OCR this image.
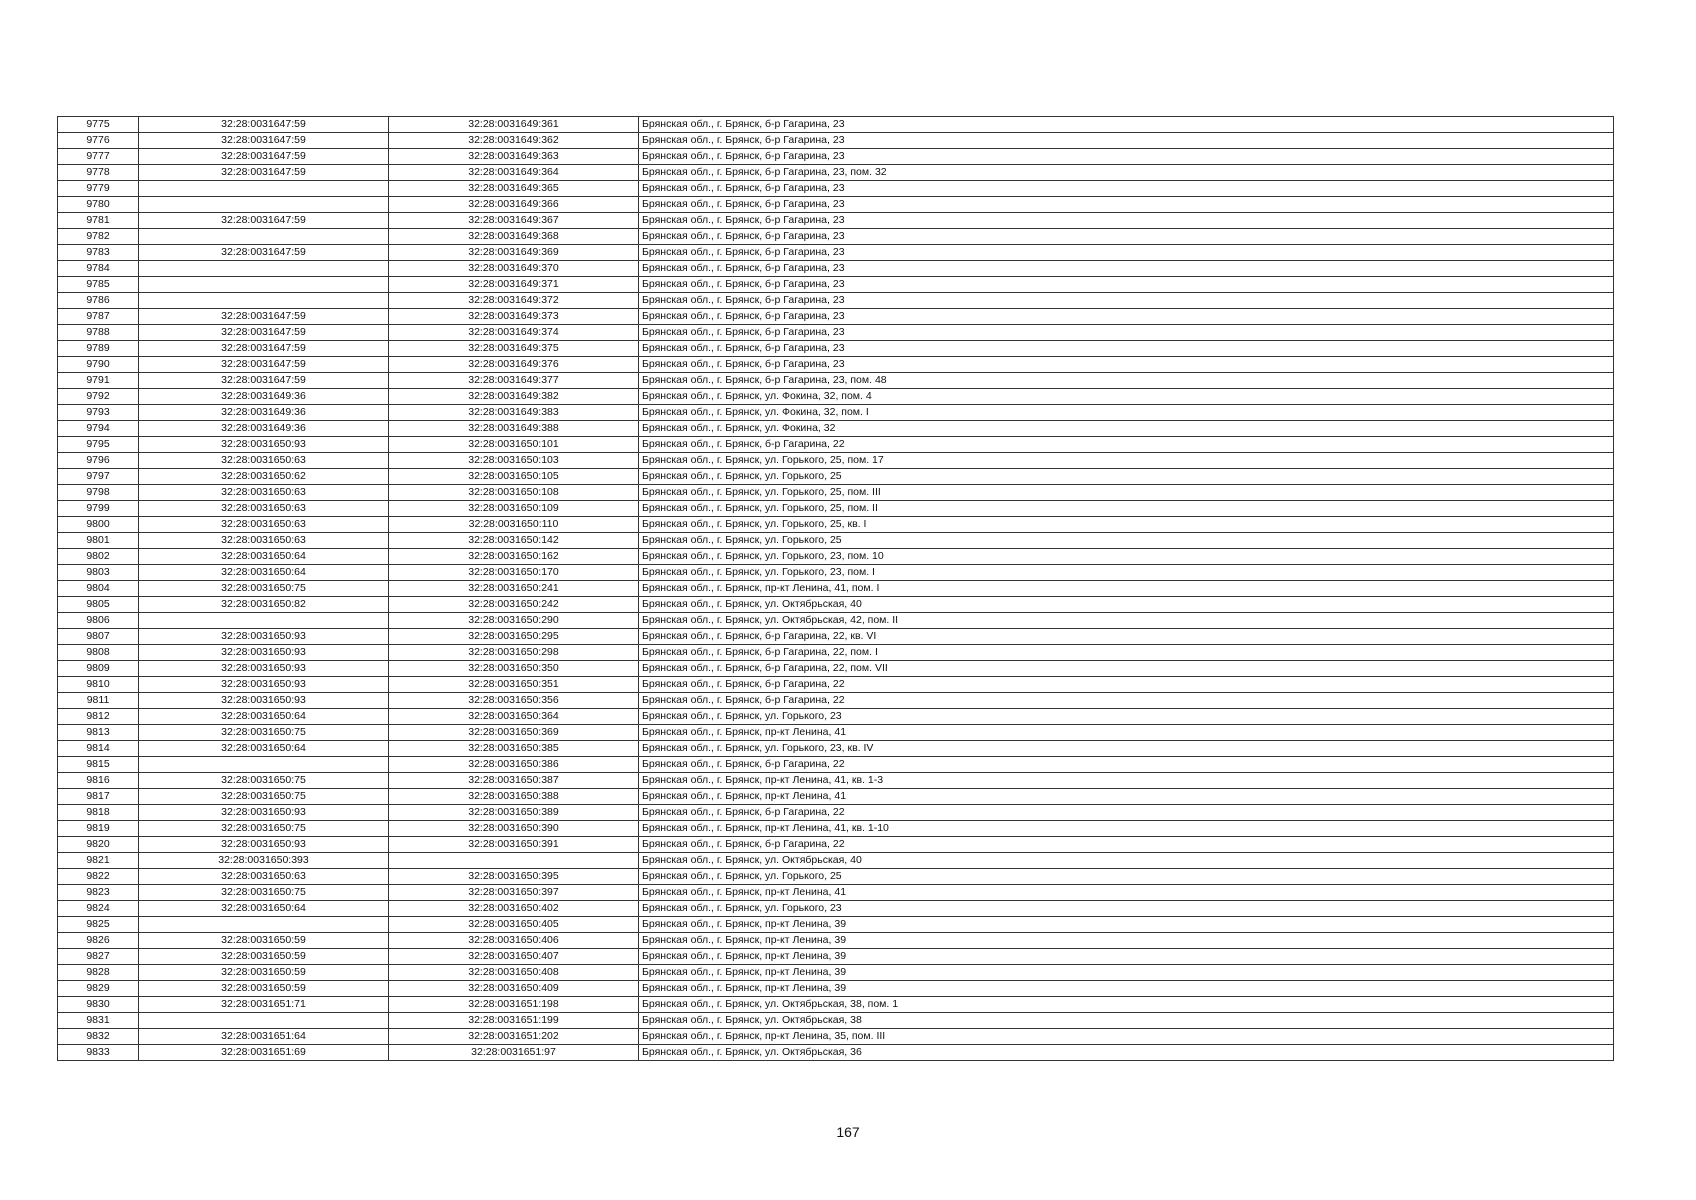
9775	32:28:0031647:59	32:28:0031649:361	Брянская обл., г. Брянск, б-р Гагарина, 23
9776	32:28:0031647:59	32:28:0031649:362	Брянская обл., г. Брянск, б-р Гагарина, 23
9777	32:28:0031647:59	32:28:0031649:363	Брянская обл., г. Брянск, б-р Гагарина, 23
9778	32:28:0031647:59	32:28:0031649:364	Брянская обл., г. Брянск, б-р Гагарина, 23, пом. 32
9779		32:28:0031649:365	Брянская обл., г. Брянск, б-р Гагарина, 23
9780		32:28:0031649:366	Брянская обл., г. Брянск, б-р Гагарина, 23
9781	32:28:0031647:59	32:28:0031649:367	Брянская обл., г. Брянск, б-р Гагарина, 23
9782		32:28:0031649:368	Брянская обл., г. Брянск, б-р Гагарина, 23
9783	32:28:0031647:59	32:28:0031649:369	Брянская обл., г. Брянск, б-р Гагарина, 23
9784		32:28:0031649:370	Брянская обл., г. Брянск, б-р Гагарина, 23
9785		32:28:0031649:371	Брянская обл., г. Брянск, б-р Гагарина, 23
9786		32:28:0031649:372	Брянская обл., г. Брянск, б-р Гагарина, 23
9787	32:28:0031647:59	32:28:0031649:373	Брянская обл., г. Брянск, б-р Гагарина, 23
9788	32:28:0031647:59	32:28:0031649:374	Брянская обл., г. Брянск, б-р Гагарина, 23
9789	32:28:0031647:59	32:28:0031649:375	Брянская обл., г. Брянск, б-р Гагарина, 23
9790	32:28:0031647:59	32:28:0031649:376	Брянская обл., г. Брянск, б-р Гагарина, 23
9791	32:28:0031647:59	32:28:0031649:377	Брянская обл., г. Брянск, б-р Гагарина, 23, пом. 48
9792	32:28:0031649:36	32:28:0031649:382	Брянская обл., г. Брянск, ул. Фокина, 32, пом. 4
9793	32:28:0031649:36	32:28:0031649:383	Брянская обл., г. Брянск, ул. Фокина, 32, пом. I
9794	32:28:0031649:36	32:28:0031649:388	Брянская обл., г. Брянск, ул. Фокина, 32
9795	32:28:0031650:93	32:28:0031650:101	Брянская обл., г. Брянск, б-р Гагарина, 22
9796	32:28:0031650:63	32:28:0031650:103	Брянская обл., г. Брянск, ул. Горького, 25, пом. 17
9797	32:28:0031650:62	32:28:0031650:105	Брянская обл., г. Брянск, ул. Горького, 25
9798	32:28:0031650:63	32:28:0031650:108	Брянская обл., г. Брянск, ул. Горького, 25, пом. III
9799	32:28:0031650:63	32:28:0031650:109	Брянская обл., г. Брянск, ул. Горького, 25, пом. II
9800	32:28:0031650:63	32:28:0031650:110	Брянская обл., г. Брянск, ул. Горького, 25, кв. I
9801	32:28:0031650:63	32:28:0031650:142	Брянская обл., г. Брянск, ул. Горького, 25
9802	32:28:0031650:64	32:28:0031650:162	Брянская обл., г. Брянск, ул. Горького, 23, пом. 10
9803	32:28:0031650:64	32:28:0031650:170	Брянская обл., г. Брянск, ул. Горького, 23, пом. I
9804	32:28:0031650:75	32:28:0031650:241	Брянская обл., г. Брянск, пр-кт Ленина, 41, пом. I
9805	32:28:0031650:82	32:28:0031650:242	Брянская обл., г. Брянск, ул. Октябрьская, 40
9806		32:28:0031650:290	Брянская обл., г. Брянск, ул. Октябрьская, 42, пом. II
9807	32:28:0031650:93	32:28:0031650:295	Брянская обл., г. Брянск, б-р Гагарина, 22, кв. VI
9808	32:28:0031650:93	32:28:0031650:298	Брянская обл., г. Брянск, б-р Гагарина, 22, пом. I
9809	32:28:0031650:93	32:28:0031650:350	Брянская обл., г. Брянск, б-р Гагарина, 22, пом. VII
9810	32:28:0031650:93	32:28:0031650:351	Брянская обл., г. Брянск, б-р Гагарина, 22
9811	32:28:0031650:93	32:28:0031650:356	Брянская обл., г. Брянск, б-р Гагарина, 22
9812	32:28:0031650:64	32:28:0031650:364	Брянская обл., г. Брянск, ул. Горького, 23
9813	32:28:0031650:75	32:28:0031650:369	Брянская обл., г. Брянск, пр-кт Ленина, 41
9814	32:28:0031650:64	32:28:0031650:385	Брянская обл., г. Брянск, ул. Горького, 23, кв. IV
9815		32:28:0031650:386	Брянская обл., г. Брянск, б-р Гагарина, 22
9816	32:28:0031650:75	32:28:0031650:387	Брянская обл., г. Брянск, пр-кт Ленина, 41, кв. 1-3
9817	32:28:0031650:75	32:28:0031650:388	Брянская обл., г. Брянск, пр-кт Ленина, 41
9818	32:28:0031650:93	32:28:0031650:389	Брянская обл., г. Брянск, б-р Гагарина, 22
9819	32:28:0031650:75	32:28:0031650:390	Брянская обл., г. Брянск, пр-кт Ленина, 41, кв. 1-10
9820	32:28:0031650:93	32:28:0031650:391	Брянская обл., г. Брянск, б-р Гагарина, 22
9821	32:28:0031650:393		Брянская обл., г. Брянск, ул. Октябрьская, 40
9822	32:28:0031650:63	32:28:0031650:395	Брянская обл., г. Брянск, ул. Горького, 25
9823	32:28:0031650:75	32:28:0031650:397	Брянская обл., г. Брянск, пр-кт Ленина, 41
9824	32:28:0031650:64	32:28:0031650:402	Брянская обл., г. Брянск, ул. Горького, 23
9825		32:28:0031650:405	Брянская обл., г. Брянск, пр-кт Ленина, 39
9826	32:28:0031650:59	32:28:0031650:406	Брянская обл., г. Брянск, пр-кт Ленина, 39
9827	32:28:0031650:59	32:28:0031650:407	Брянская обл., г. Брянск, пр-кт Ленина, 39
9828	32:28:0031650:59	32:28:0031650:408	Брянская обл., г. Брянск, пр-кт Ленина, 39
9829	32:28:0031650:59	32:28:0031650:409	Брянская обл., г. Брянск, пр-кт Ленина, 39
9830	32:28:0031651:71	32:28:0031651:198	Брянская обл., г. Брянск, ул. Октябрьская, 38, пом. 1
9831		32:28:0031651:199	Брянская обл., г. Брянск, ул. Октябрьская, 38
9832	32:28:0031651:64	32:28:0031651:202	Брянская обл., г. Брянск, пр-кт Ленина, 35, пом. III
9833	32:28:0031651:69	32:28:0031651:97	Брянская обл., г. Брянск, ул. Октябрьская, 36
167
